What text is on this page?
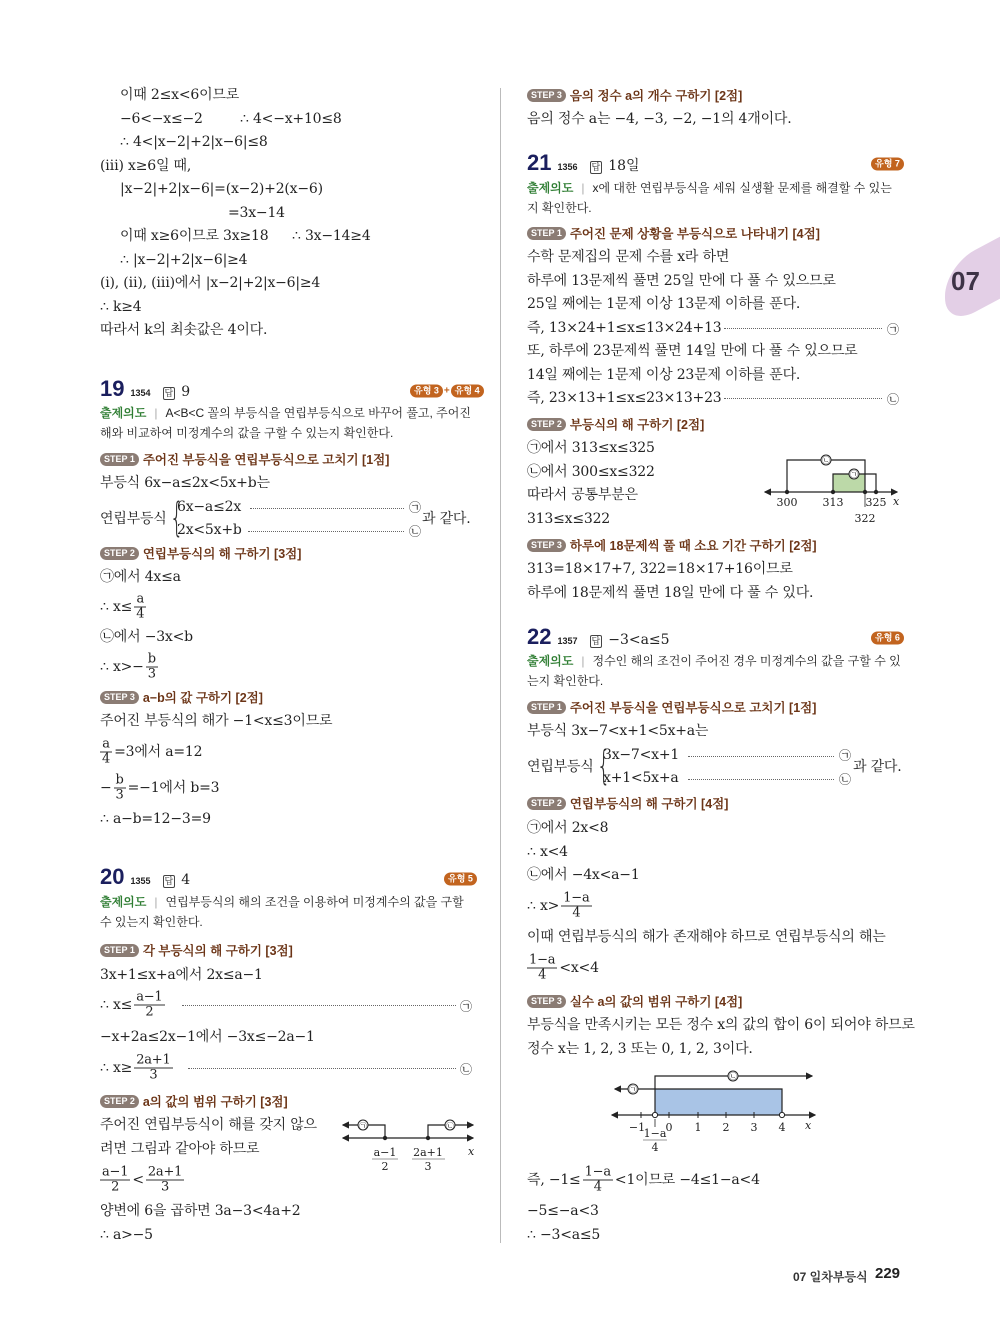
07
이때 2≤x<6이므로
−6<−x≤−2	∴ 4<−x+10≤8
∴ 4<|x−2|+2|x−6|≤8
(ⅲ) x≥6일 때,
|x−2|+2|x−6|=(x−2)+2(x−6)
=3x−14
이때 x≥6이므로 3x≥18 ∴ 3x−14≥4
∴ |x−2|+2|x−6|≥4
(ⅰ), (ⅱ), (ⅲ)에서 |x−2|+2|x−6|≥4
∴ k≥4
따라서 k의 최솟값은 4이다.
19 1354 답 9	유형 3 + 유형 4
출제의도 | A<B<C 꼴의 부등식을 연립부등식으로 바꾸어 풀고, 주어진 해와 비교하여 미정계수의 값을 구할 수 있는지 확인한다.
STEP 1 주어진 부등식을 연립부등식으로 고치기 [1점]
부등식 6x−a≤2x<5x+b는
연립부등식 {
6x−a≤2x
2x<5x+b
㉠
㉡
과 같다.
STEP 2 연립부등식의 해 구하기 [3점]
㉠에서 4x≤a
∴ $x\le \frac{a}{4}$
㉡에서 −3x<b
∴ $x>- \frac{b}{3}$
STEP 3 a−b의 값 구하기 [2점]
주어진 부등식의 해가 −1<x≤3이므로
$\frac{a}{4} =3$에서 a=12
− $\frac{b}{3} =-1$에서 b=3
∴ a−b=12−3=9
20 1355 답 4	유형 5
출제의도 | 연립부등식의 해의 조건을 이용하여 미정계수의 값을 구할 수 있는지 확인한다.
STEP 1 각 부등식의 해 구하기 [3점]
3x+1≤x+a에서 2x≤a−1
∴ $x\le \frac{a-1}{2}$	㉠
−x+2a≤2x−1에서 −3x≤−2a−1
∴ $x\ge \frac{2a+1}{3}$	㉡
STEP 2 a의 값의 범위 구하기 [3점]
주어진 연립부등식이 해를 갖지 않으
려면 그림과 같아야 하므로
$\frac{a-1}{2} < \frac{2a+1}{3}$
양변에 6을 곱하면 3a−3<4a+2
∴ a>−5
㉠	㉡
a−1
2
2a+1
3
x
STEP 3 음의 정수 a의 개수 구하기 [2점]
음의 정수 a는 −4, −3, −2, −1의 4개이다.
21 1356 답 18일	유형 7
출제의도 | x에 대한 연립부등식을 세워 실생활 문제를 해결할 수 있는지 확인한다.
STEP 1 주어진 문제 상황을 부등식으로 나타내기 [4점]
수학 문제집의 문제 수를 x라 하면
하루에 13문제씩 풀면 25일 만에 다 풀 수 있으므로
25일 째에는 1문제 이상 13문제 이하를 푼다.
즉, 13×24+1≤x≤13×24+13	㉠
또, 하루에 23문제씩 풀면 14일 만에 다 풀 수 있으므로
14일 째에는 1문제 이상 23문제 이하를 푼다.
즉, 23×13+1≤x≤23×13+23	㉡
STEP 2 부등식의 해 구하기 [2점]
㉠에서 313≤x≤325
㉡에서 300≤x≤322
따라서 공통부분은
313≤x≤322
㉡
㉠
300 313
322
325 x
STEP 3 하루에 18문제씩 풀 때 소요 기간 구하기 [2점]
313=18×17+7, 322=18×17+16이므로
하루에 18문제씩 풀면 18일 만에 다 풀 수 있다.
22 1357 답 −3<a≤5	유형 6
출제의도 | 정수인 해의 조건이 주어진 경우 미정계수의 값을 구할 수 있는지 확인한다.
STEP 1 주어진 부등식을 연립부등식으로 고치기 [1점]
부등식 3x−7<x+1<5x+a는
연립부등식 {
3x−7<x+1
x+1<5x+a
㉠
㉡
과 같다.
STEP 2 연립부등식의 해 구하기 [4점]
㉠에서 2x<8
∴ x<4
㉡에서 −4x<a−1
∴ $x> \frac{1-a}{4}$
이때 연립부등식의 해가 존재해야 하므로 연립부등식의 해는
$\frac{1-a}{4} <x<4$
STEP 3 실수 a의 값의 범위 구하기 [4점]
부등식을 만족시키는 모든 정수 x의 값의 합이 6이 되어야 하므로
정수 x는 1, 2, 3 또는 0, 1, 2, 3이다.
㉠
㉡
−1 0 1 2 3 4
1−a
4
x
즉, $-1\le \frac{1-a}{4} <1$이므로 −4≤1−a<4
−5≤−a<3
∴ −3<a≤5
07 일차부등식 229
